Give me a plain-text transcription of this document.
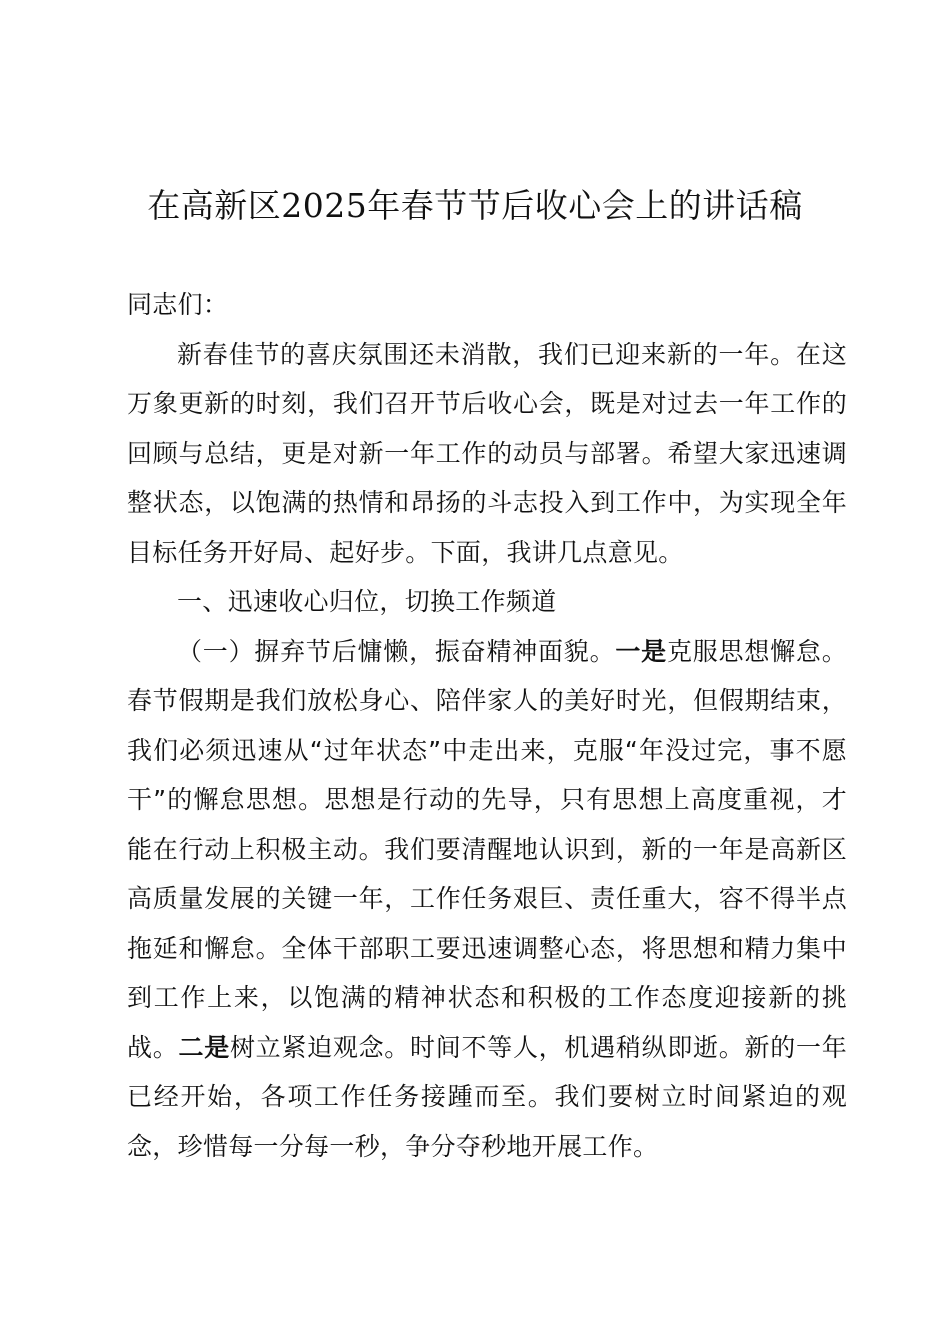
在高新区2025年春节节后收心会上的讲话稿

同志们：

新春佳节的喜庆氛围还未消散，我们已迎来新的一年。在这万象更新的时刻，我们召开节后收心会，既是对过去一年工作的回顾与总结，更是对新一年工作的动员与部署。希望大家迅速调整状态，以饱满的热情和昂扬的斗志投入到工作中，为实现全年目标任务开好局、起好步。下面，我讲几点意见。

一、迅速收心归位，切换工作频道

（一）摒弃节后慵懒，振奋精神面貌。一是克服思想懈怠。春节假期是我们放松身心、陪伴家人的美好时光，但假期结束，我们必须迅速从“过年状态”中走出来，克服“年没过完，事不愿干”的懈怠思想。思想是行动的先导，只有思想上高度重视，才能在行动上积极主动。我们要清醒地认识到，新的一年是高新区高质量发展的关键一年，工作任务艰巨、责任重大，容不得半点拖延和懈怠。全体干部职工要迅速调整心态，将思想和精力集中到工作上来，以饱满的精神状态和积极的工作态度迎接新的挑战。二是树立紧迫观念。时间不等人，机遇稍纵即逝。新的一年已经开始，各项工作任务接踵而至。我们要树立时间紧迫的观念，珍惜每一分每一秒，争分夺秒地开展工作。
